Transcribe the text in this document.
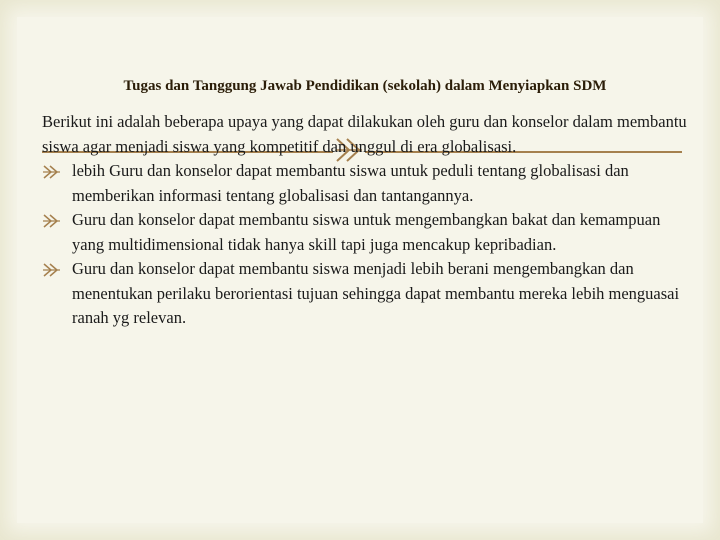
Tugas dan Tanggung Jawab Pendidikan (sekolah) dalam Menyiapkan SDM

Berikut ini adalah beberapa upaya yang dapat dilakukan oleh guru dan konselor dalam membantu siswa agar menjadi siswa yang kompetitif dan unggul di era globalisasi.

lebih Guru dan konselor dapat membantu siswa untuk peduli tentang globalisasi dan memberikan informasi tentang globalisasi dan tantangannya.
Guru dan konselor dapat membantu siswa untuk mengembangkan bakat dan kemampuan yang multidimensional tidak hanya skill tapi juga mencakup kepribadian.
Guru dan konselor dapat membantu siswa menjadi lebih berani mengembangkan dan menentukan perilaku berorientasi tujuan sehingga dapat membantu mereka lebih menguasai ranah yg relevan.
